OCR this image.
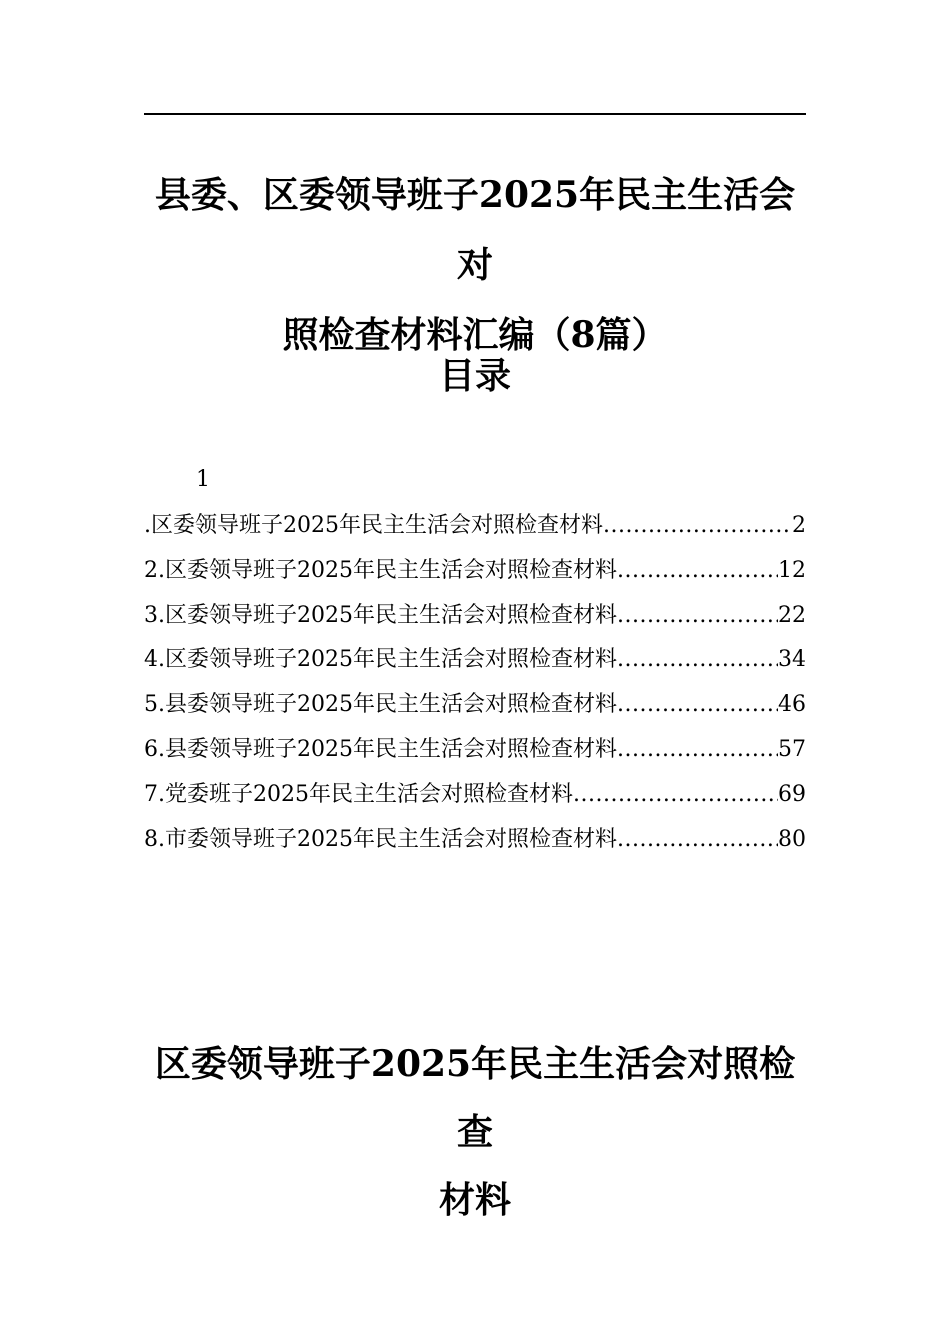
县委、区委领导班子2025年民主生活会对
照检查材料汇编（8篇）
目录
1
.区委领导班子2025年民主生活会对照检查材料 .....	2
2.区委领导班子2025年民主生活会对照检查材料 .....	12
3.区委领导班子2025年民主生活会对照检查材料 .....	22
4.区委领导班子2025年民主生活会对照检查材料 .....	34
5.县委领导班子2025年民主生活会对照检查材料 .....	46
6.县委领导班子2025年民主生活会对照检查材料 .....	57
7.党委班子2025年民主生活会对照检查材料 .....	69
8.市委领导班子2025年民主生活会对照检查材料 .....	80
区委领导班子2025年民主生活会对照检查
材料
